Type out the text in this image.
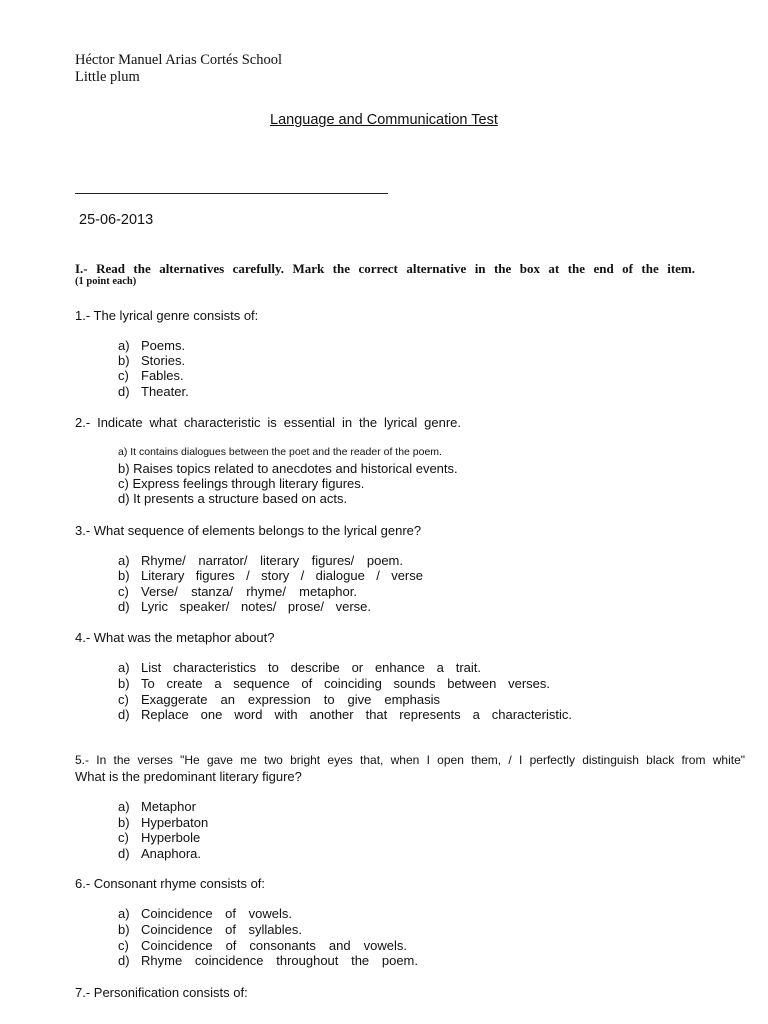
Héctor Manuel Arias Cortés School
Little plum
Language and Communication Test
25-06-2013
I.- Read the alternatives carefully. Mark the correct alternative in the box at the end of the item.
(1 point each)
1.- The lyrical genre consists of:
a) Poems.
b) Stories.
c) Fables.
d) Theater.
2.- Indicate what characteristic is essential in the lyrical genre.
a) It contains dialogues between the poet and the reader of the poem.
b) Raises topics related to anecdotes and historical events.
c) Express feelings through literary figures.
d) It presents a structure based on acts.
3.- What sequence of elements belongs to the lyrical genre?
a) Rhyme/ narrator/ literary figures/ poem.
b) Literary figures / story / dialogue / verse
c) Verse/ stanza/ rhyme/ metaphor.
d) Lyric speaker/ notes/ prose/ verse.
4.- What was the metaphor about?
a) List characteristics to describe or enhance a trait.
b) To create a sequence of coinciding sounds between verses.
c) Exaggerate an expression to give emphasis
d) Replace one word with another that represents a characteristic.
5.- In the verses "He gave me two bright eyes that, when I open them, / I perfectly distinguish black from white"
What is the predominant literary figure?
a) Metaphor
b) Hyperbaton
c) Hyperbole
d) Anaphora.
6.- Consonant rhyme consists of:
a) Coincidence of vowels.
b) Coincidence of syllables.
c) Coincidence of consonants and vowels.
d) Rhyme coincidence throughout the poem.
7.- Personification consists of:
